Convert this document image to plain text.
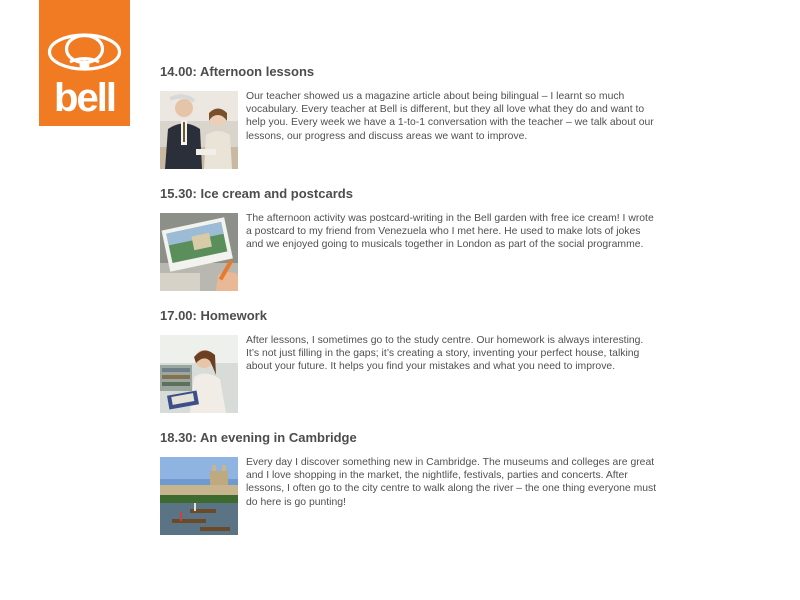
bell
14.00: Afternoon lessons

Our teacher showed us a magazine article about being bilingual – I learnt so much vocabulary. Every teacher at Bell is different, but they all love what they do and want to help you. Every week we have a 1-to-1 conversation with the teacher – we talk about our lessons, our progress and discuss areas we want to improve.

15.30: Ice cream and postcards

The afternoon activity was postcard-writing in the Bell garden with free ice cream! I wrote a postcard to my friend from Venezuela who I met here. He used to make lots of jokes and we enjoyed going to musicals together in London as part of the social programme.

17.00: Homework

After lessons, I sometimes go to the study centre. Our homework is always interesting. It’s not just filling in the gaps; it’s creating a story, inventing your perfect house, talking about your future. It helps you find your mistakes and what you need to improve.

18.30: An evening in Cambridge

Every day I discover something new in Cambridge. The museums and colleges are great and I love shopping in the market, the nightlife, festivals, parties and concerts. After lessons, I often go to the city centre to walk along the river – the one thing everyone must do here is go punting!
